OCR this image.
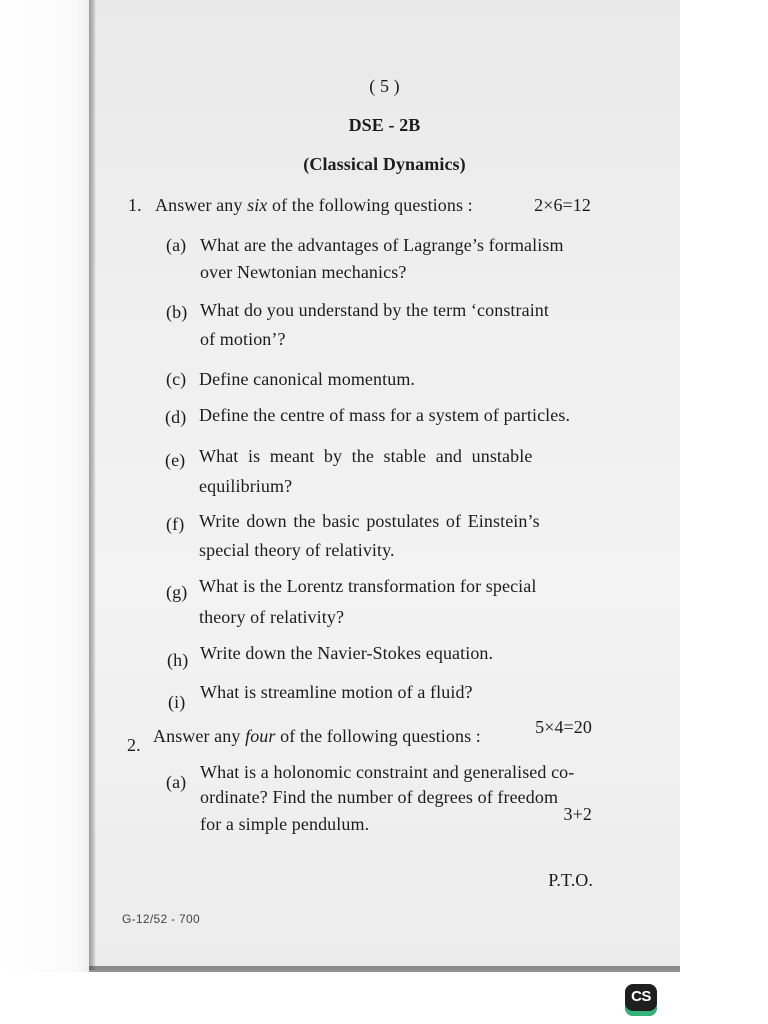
( 5 )
DSE - 2B
(Classical Dynamics)
1. Answer any six of the following questions :	2×6=12
(a) What are the advantages of Lagrange’s formalism
over Newtonian mechanics?
(b) What do you understand by the term ‘constraint
of motion’?
(c) Define canonical momentum.
(d) Define the centre of mass for a system of particles.
(e) What is meant by the stable and unstable
equilibrium?
(f) Write down the basic postulates of Einstein’s
special theory of relativity.
(g) What is the Lorentz transformation for special
theory of relativity?
(h) Write down the Navier-Stokes equation.
(i) What is streamline motion of a fluid?
2. Answer any four of the following questions :	5×4=20
(a) What is a holonomic constraint and generalised co-
ordinate? Find the number of degrees of freedom
3+2
for a simple pendulum.
P.T.O.
G-12/52 - 700
CS
